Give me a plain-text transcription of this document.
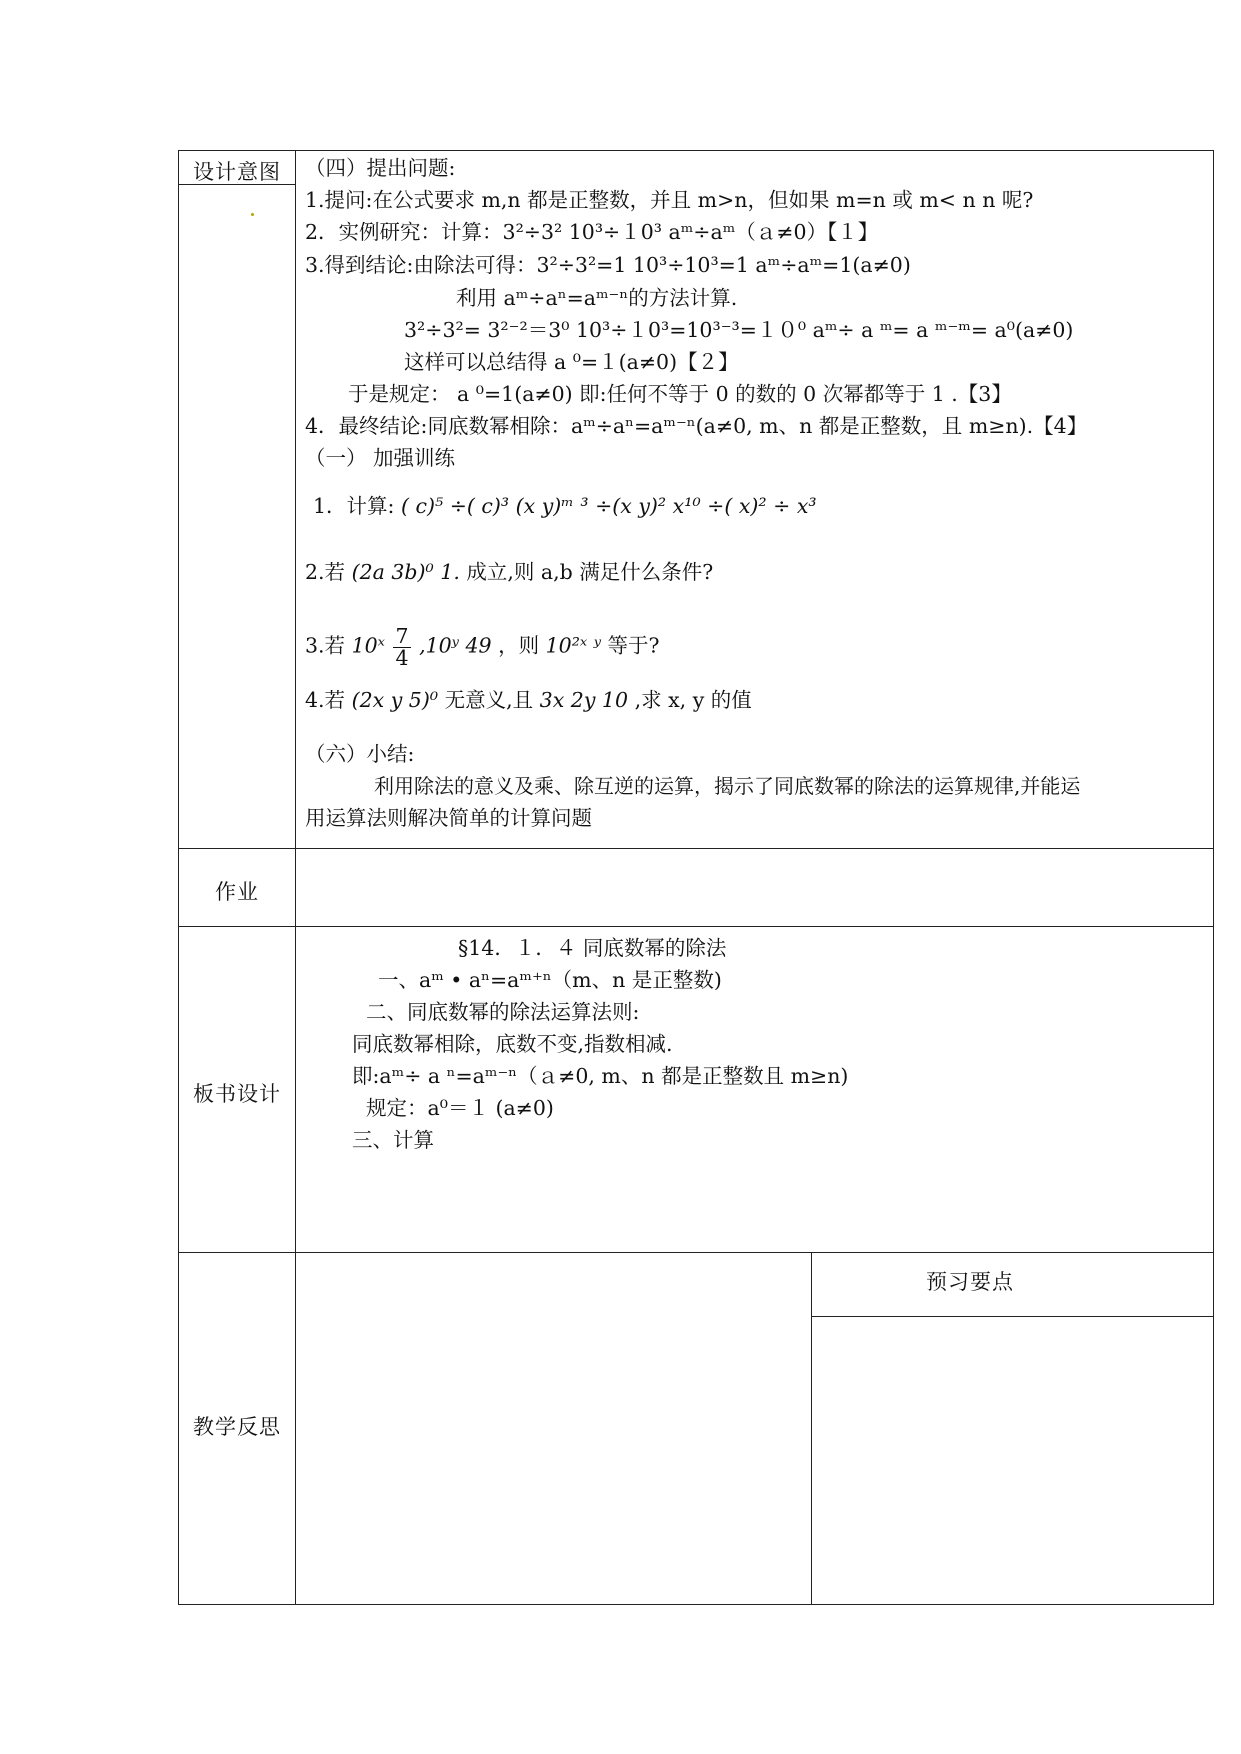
设计意图
作业
板书设计
教学反思
（四）提出问题:
1.提问:在公式要求 m,n 都是正整数，并且 m>n，但如果 m=n 或 m< n n 呢?
2．实例研究：计算：3²÷3² 10³÷１0³ aᵐ÷aᵐ（ａ≠0）【１】
3.得到结论:由除法可得：3²÷3²=1 10³÷10³=1 aᵐ÷aᵐ=1(a≠0)
利用 aᵐ÷aⁿ=aᵐ⁻ⁿ的方法计算.
3²÷3²= 3²⁻²＝3⁰ 10³÷１0³=10³⁻³=１０⁰ aᵐ÷ a ᵐ= a ᵐ⁻ᵐ= a⁰(a≠0)
这样可以总结得 a ⁰=１(a≠0)【２】
于是规定： a ⁰=1(a≠0) 即:任何不等于 0 的数的 0 次幂都等于 1 .【3】
4．最终结论:同底数幂相除：aᵐ÷aⁿ=aᵐ⁻ⁿ(a≠0, m、n 都是正整数，且 m≥n).【4】
（一） 加强训练
1．计算: ( c)⁵ ÷( c)³ (x y)ᵐ ³ ÷(x y)² x¹⁰ ÷( x)² ÷ x³
2.若 (2a 3b)⁰ 1. 成立,则 a,b 满足什么条件?
3.若 10ˣ $\frac{7}{4}$ ,10ʸ 49 ，则 10²ˣ ʸ 等于?
4.若 (2x y 5)⁰ 无意义,且 3x 2y 10 ,求 x, y 的值
（六）小结:
利用除法的意义及乘、除互逆的运算，揭示了同底数幂的除法的运算规律,并能运
用运算法则解决简单的计算问题
§14．１．４ 同底数幂的除法
一、aᵐ • aⁿ=aᵐ⁺ⁿ（m、n 是正整数)
二、同底数幂的除法运算法则:
同底数幂相除，底数不变,指数相减.
即:aᵐ÷ a ⁿ=aᵐ⁻ⁿ（ａ≠0, m、n 都是正整数且 m≥n)
规定：a⁰＝１ (a≠0)
三、计算
预习要点
